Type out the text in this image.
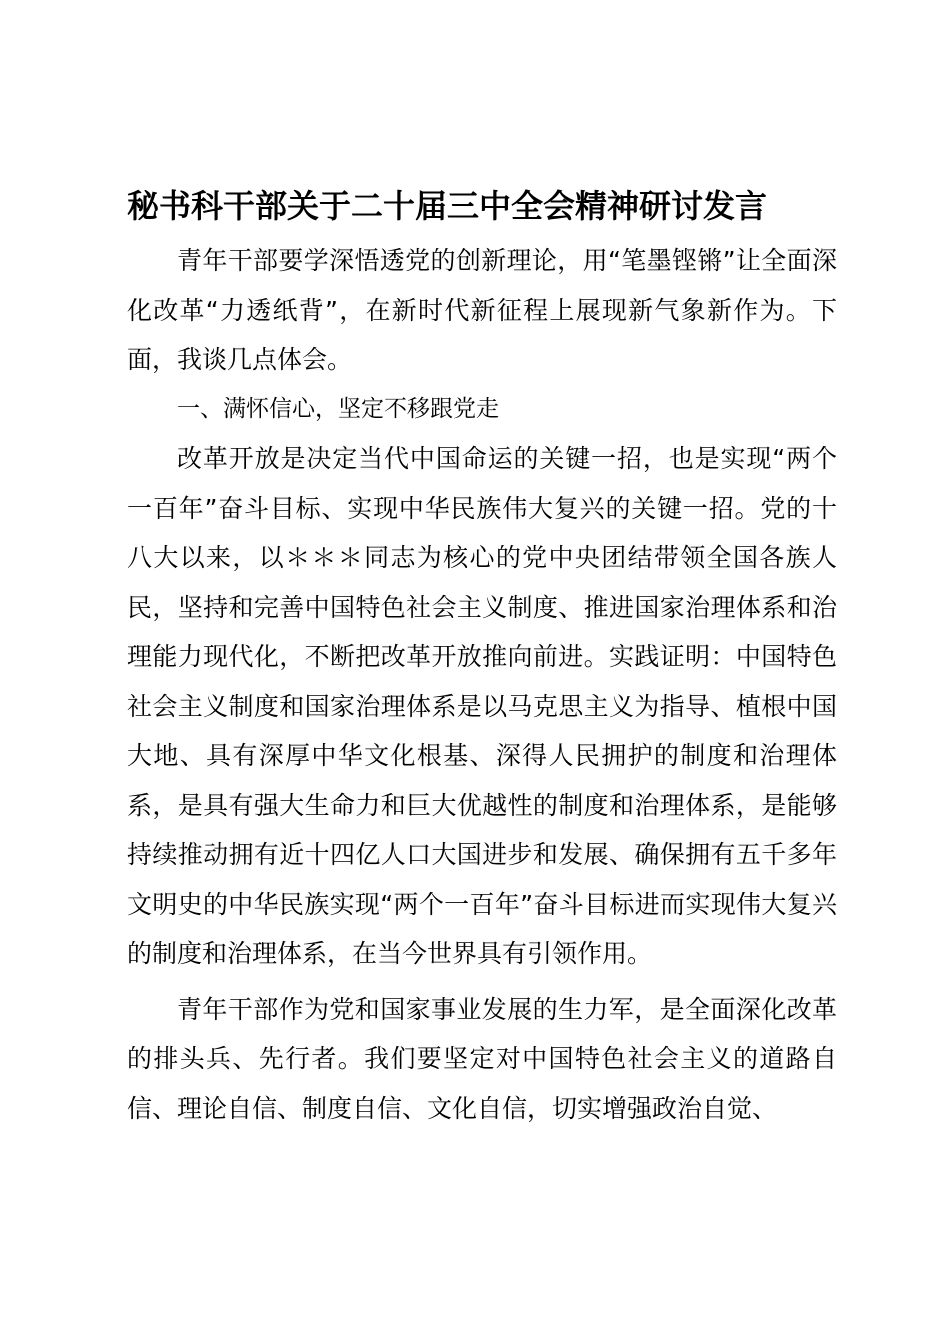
秘书科干部关于二十届三中全会精神研讨发言

青年干部要学深悟透党的创新理论，用“笔墨铿锵”让全面深化改革“力透纸背”，在新时代新征程上展现新气象新作为。下面，我谈几点体会。

一、满怀信心，坚定不移跟党走

改革开放是决定当代中国命运的关键一招，也是实现“两个一百年”奋斗目标、实现中华民族伟大复兴的关键一招。党的十八大以来，以＊＊＊同志为核心的党中央团结带领全国各族人民，坚持和完善中国特色社会主义制度、推进国家治理体系和治理能力现代化，不断把改革开放推向前进。实践证明：中国特色社会主义制度和国家治理体系是以马克思主义为指导、植根中国大地、具有深厚中华文化根基、深得人民拥护的制度和治理体系，是具有强大生命力和巨大优越性的制度和治理体系，是能够持续推动拥有近十四亿人口大国进步和发展、确保拥有五千多年文明史的中华民族实现“两个一百年”奋斗目标进而实现伟大复兴的制度和治理体系，在当今世界具有引领作用。

青年干部作为党和国家事业发展的生力军，是全面深化改革的排头兵、先行者。我们要坚定对中国特色社会主义的道路自信、理论自信、制度自信、文化自信，切实增强政治自觉、
